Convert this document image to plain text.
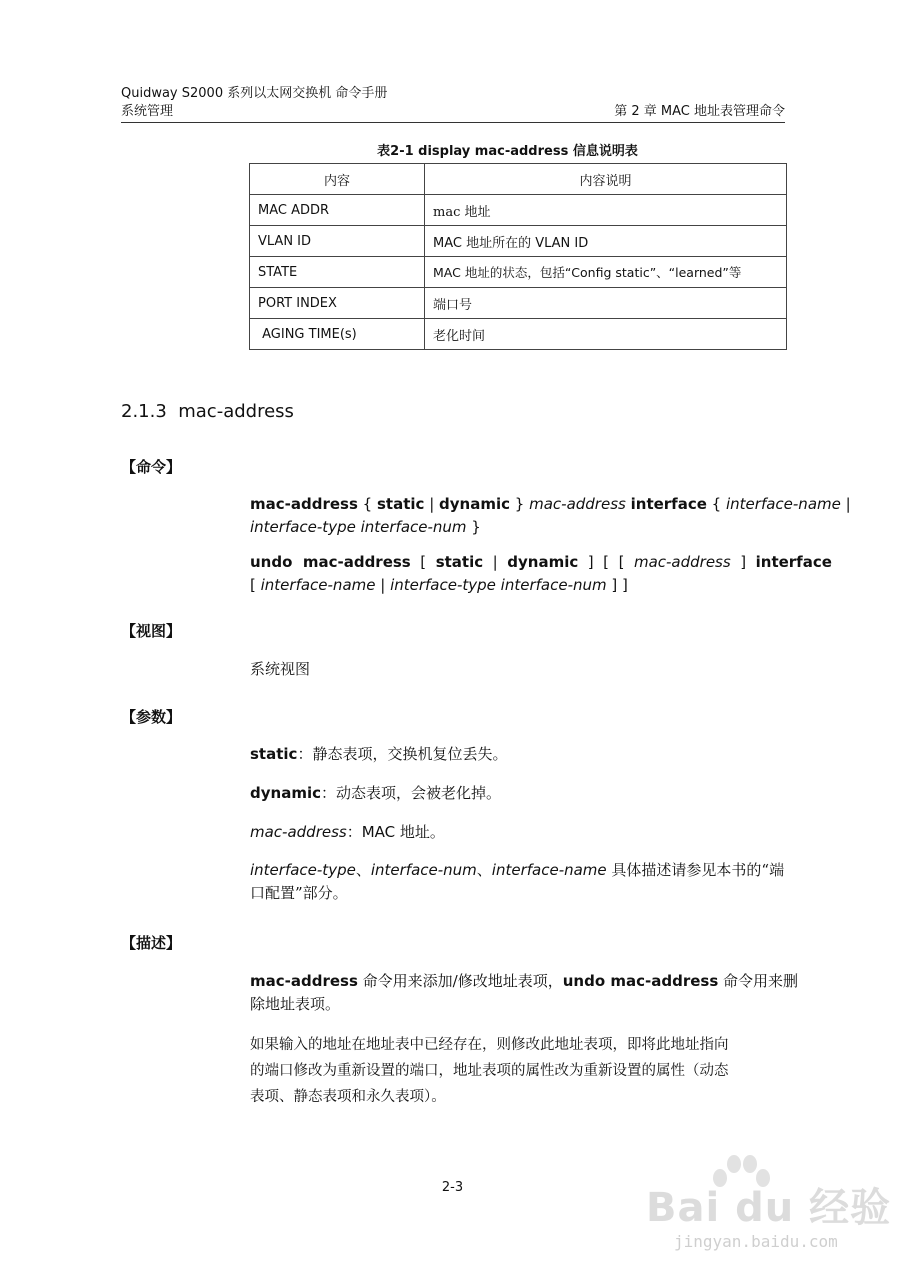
Quidway S2000 系列以太网交换机 命令手册
系统管理	第 2 章 MAC 地址表管理命令
表2-1 display mac-address 信息说明表
内容	内容说明
MAC ADDR	mac 地址
VLAN ID	MAC 地址所在的 VLAN ID
STATE	MAC 地址的状态，包括“Config static”、“learned”等
PORT INDEX	端口号
AGING TIME(s)	老化时间
2.1.3  mac-address
【命令】
mac-address { static | dynamic } mac-address interface { interface-name |
interface-type interface-num }
undo  mac-address  [  static  |  dynamic  ]  [  [  mac-address  ]  interface
[ interface-name | interface-type interface-num ] ]
【视图】
系统视图
【参数】
static：静态表项，交换机复位丢失。
dynamic：动态表项，会被老化掉。
mac-address：MAC 地址。
interface-type、interface-num、interface-name 具体描述请参见本书的“端
口配置”部分。
【描述】
mac-address 命令用来添加/修改地址表项，undo mac-address 命令用来删
除地址表项。
如果输入的地址在地址表中已经存在，则修改此地址表项，即将此地址指向
的端口修改为重新设置的端口，地址表项的属性改为重新设置的属性（动态
表项、静态表项和永久表项）。
2-3	Bai du 经验
jingyan.baidu.com
